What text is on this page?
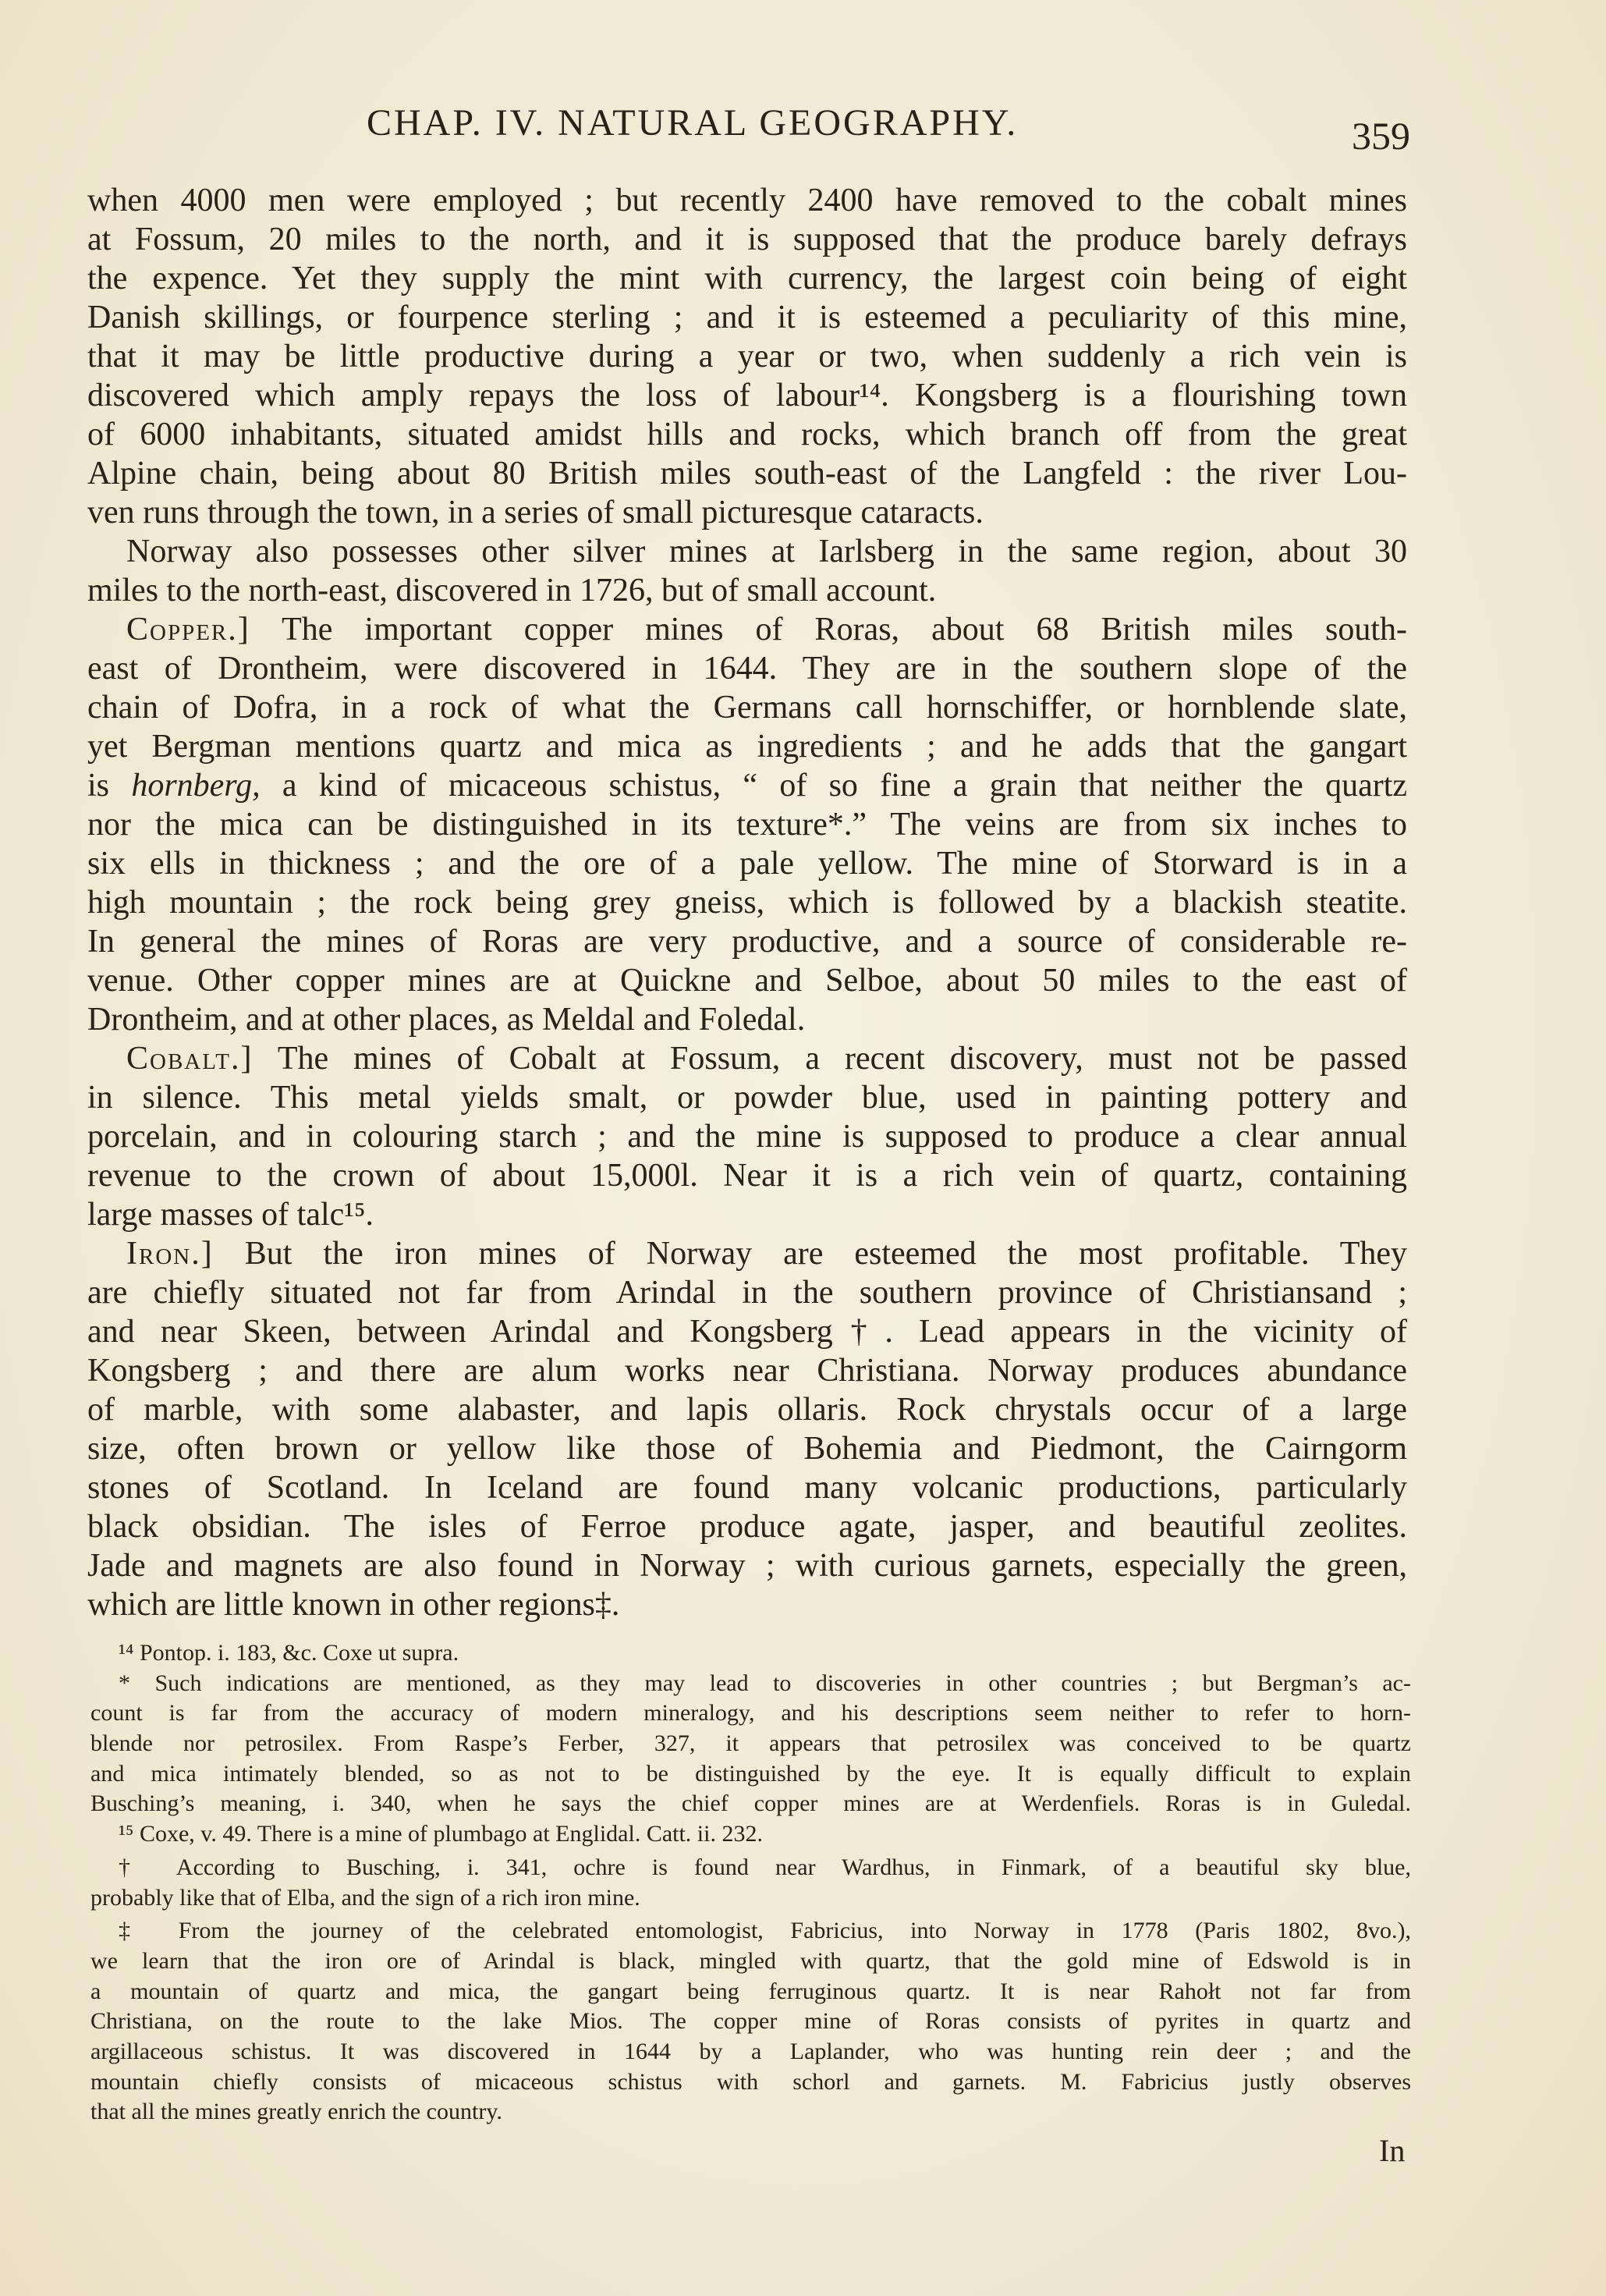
CHAP. IV. NATURAL GEOGRAPHY.	359
when 4000 men were employed ; but recently 2400 have removed to the cobalt mines
at Fossum, 20 miles to the north, and it is supposed that the produce barely defrays
the expence. Yet they supply the mint with currency, the largest coin being of eight
Danish skillings, or fourpence sterling ; and it is esteemed a peculiarity of this mine,
that it may be little productive during a year or two, when suddenly a rich vein is
discovered which amply repays the loss of labour¹⁴. Kongsberg is a flourishing town
of 6000 inhabitants, situated amidst hills and rocks, which branch off from the great
Alpine chain, being about 80 British miles south-east of the Langfeld : the river Lou-
ven runs through the town, in a series of small picturesque cataracts.
Norway also possesses other silver mines at Iarlsberg in the same region, about 30
miles to the north-east, discovered in 1726, but of small account.
Copper.] The important copper mines of Roras, about 68 British miles south-
east of Drontheim, were discovered in 1644. They are in the southern slope of the
chain of Dofra, in a rock of what the Germans call hornschiffer, or hornblende slate,
yet Bergman mentions quartz and mica as ingredients ; and he adds that the gangart
is hornberg, a kind of micaceous schistus, “ of so fine a grain that neither the quartz
nor the mica can be distinguished in its texture*.” The veins are from six inches to
six ells in thickness ; and the ore of a pale yellow. The mine of Storward is in a
high mountain ; the rock being grey gneiss, which is followed by a blackish steatite.
In general the mines of Roras are very productive, and a source of considerable re-
venue. Other copper mines are at Quickne and Selboe, about 50 miles to the east of
Drontheim, and at other places, as Meldal and Foledal.
Cobalt.] The mines of Cobalt at Fossum, a recent discovery, must not be passed
in silence. This metal yields smalt, or powder blue, used in painting pottery and
porcelain, and in colouring starch ; and the mine is supposed to produce a clear annual
revenue to the crown of about 15,000l. Near it is a rich vein of quartz, containing
large masses of talc¹⁵.
Iron.] But the iron mines of Norway are esteemed the most profitable. They
are chiefly situated not far from Arindal in the southern province of Christiansand ;
and near Skeen, between Arindal and Kongsberg†. Lead appears in the vicinity of
Kongsberg ; and there are alum works near Christiana. Norway produces abundance
of marble, with some alabaster, and lapis ollaris. Rock chrystals occur of a large
size, often brown or yellow like those of Bohemia and Piedmont, the Cairngorm
stones of Scotland. In Iceland are found many volcanic productions, particularly
black obsidian. The isles of Ferroe produce agate, jasper, and beautiful zeolites.
Jade and magnets are also found in Norway ; with curious garnets, especially the green,
which are little known in other regions‡.
¹⁴ Pontop. i. 183, &c. Coxe ut supra.
* Such indications are mentioned, as they may lead to discoveries in other countries ; but Bergman’s ac-
count is far from the accuracy of modern mineralogy, and his descriptions seem neither to refer to horn-
blende nor petrosilex. From Raspe’s Ferber, 327, it appears that petrosilex was conceived to be quartz
and mica intimately blended, so as not to be distinguished by the eye. It is equally difficult to explain
Busching’s meaning, i. 340, when he says the chief copper mines are at Werdenfiels. Roras is in Guledal.
¹⁵ Coxe, v. 49. There is a mine of plumbago at Englidal. Catt. ii. 232.
† According to Busching, i. 341, ochre is found near Wardhus, in Finmark, of a beautiful sky blue,
probably like that of Elba, and the sign of a rich iron mine.
‡ From the journey of the celebrated entomologist, Fabricius, into Norway in 1778 (Paris 1802, 8vo.),
we learn that the iron ore of Arindal is black, mingled with quartz, that the gold mine of Edswold is in
a mountain of quartz and mica, the gangart being ferruginous quartz. It is near Rahołt not far from
Christiana, on the route to the lake Mios. The copper mine of Roras consists of pyrites in quartz and
argillaceous schistus. It was discovered in 1644 by a Laplander, who was hunting rein deer ; and the
mountain chiefly consists of micaceous schistus with schorl and garnets. M. Fabricius justly observes
that all the mines greatly enrich the country.
In
